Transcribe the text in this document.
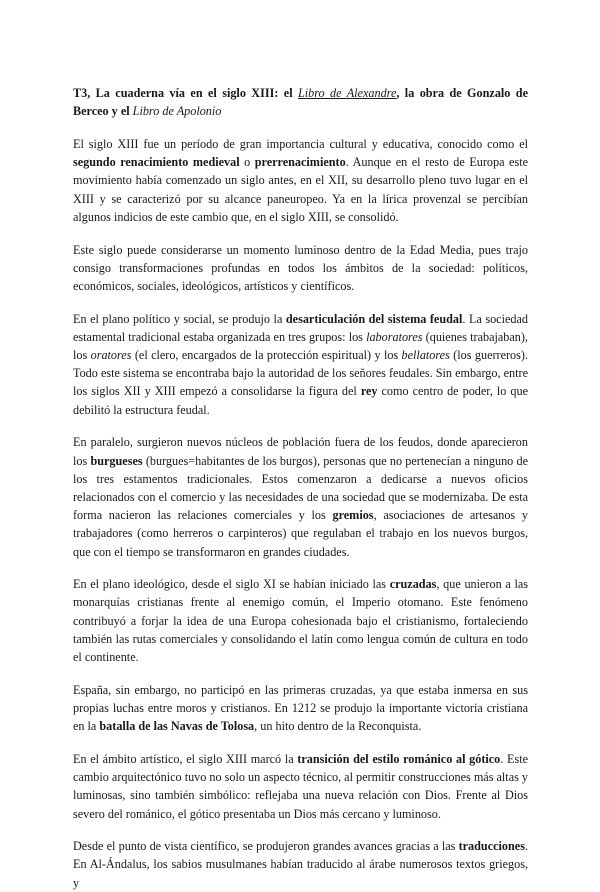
T3, La cuaderna vía en el siglo XIII: el Libro de Alexandre, la obra de Gonzalo de Berceo y el Libro de Apolonio

El siglo XIII fue un período de gran importancia cultural y educativa, conocido como el segundo renacimiento medieval o prerrenacimiento. Aunque en el resto de Europa este movimiento había comenzado un siglo antes, en el XII, su desarrollo pleno tuvo lugar en el XIII y se caracterizó por su alcance paneuropeo. Ya en la lírica provenzal se percibían algunos indicios de este cambio que, en el siglo XIII, se consolidó.

Este siglo puede considerarse un momento luminoso dentro de la Edad Media, pues trajo consigo transformaciones profundas en todos los ámbitos de la sociedad: políticos, económicos, sociales, ideológicos, artísticos y científicos.

En el plano político y social, se produjo la desarticulación del sistema feudal. La sociedad estamental tradicional estaba organizada en tres grupos: los laboratores (quienes trabajaban), los oratores (el clero, encargados de la protección espiritual) y los bellatores (los guerreros). Todo este sistema se encontraba bajo la autoridad de los señores feudales. Sin embargo, entre los siglos XII y XIII empezó a consolidarse la figura del rey como centro de poder, lo que debilitó la estructura feudal.

En paralelo, surgieron nuevos núcleos de población fuera de los feudos, donde aparecieron los burgueses (burgues=habitantes de los burgos), personas que no pertenecían a ninguno de los tres estamentos tradicionales. Estos comenzaron a dedicarse a nuevos oficios relacionados con el comercio y las necesidades de una sociedad que se modernizaba. De esta forma nacieron las relaciones comerciales y los gremios, asociaciones de artesanos y trabajadores (como herreros o carpinteros) que regulaban el trabajo en los nuevos burgos, que con el tiempo se transformaron en grandes ciudades.

En el plano ideológico, desde el siglo XI se habían iniciado las cruzadas, que unieron a las monarquías cristianas frente al enemigo común, el Imperio otomano. Este fenómeno contribuyó a forjar la idea de una Europa cohesionada bajo el cristianismo, fortaleciendo también las rutas comerciales y consolidando el latín como lengua común de cultura en todo el continente.

España, sin embargo, no participó en las primeras cruzadas, ya que estaba inmersa en sus propias luchas entre moros y cristianos. En 1212 se produjo la importante victoria cristiana en la batalla de las Navas de Tolosa, un hito dentro de la Reconquista.

En el ámbito artístico, el siglo XIII marcó la transición del estilo románico al gótico. Este cambio arquitectónico tuvo no solo un aspecto técnico, al permitir construcciones más altas y luminosas, sino también simbólico: reflejaba una nueva relación con Dios. Frente al Dios severo del románico, el gótico presentaba un Dios más cercano y luminoso.

Desde el punto de vista científico, se produjeron grandes avances gracias a las traducciones. En Al-Ándalus, los sabios musulmanes habían traducido al árabe numerosos textos griegos, y
